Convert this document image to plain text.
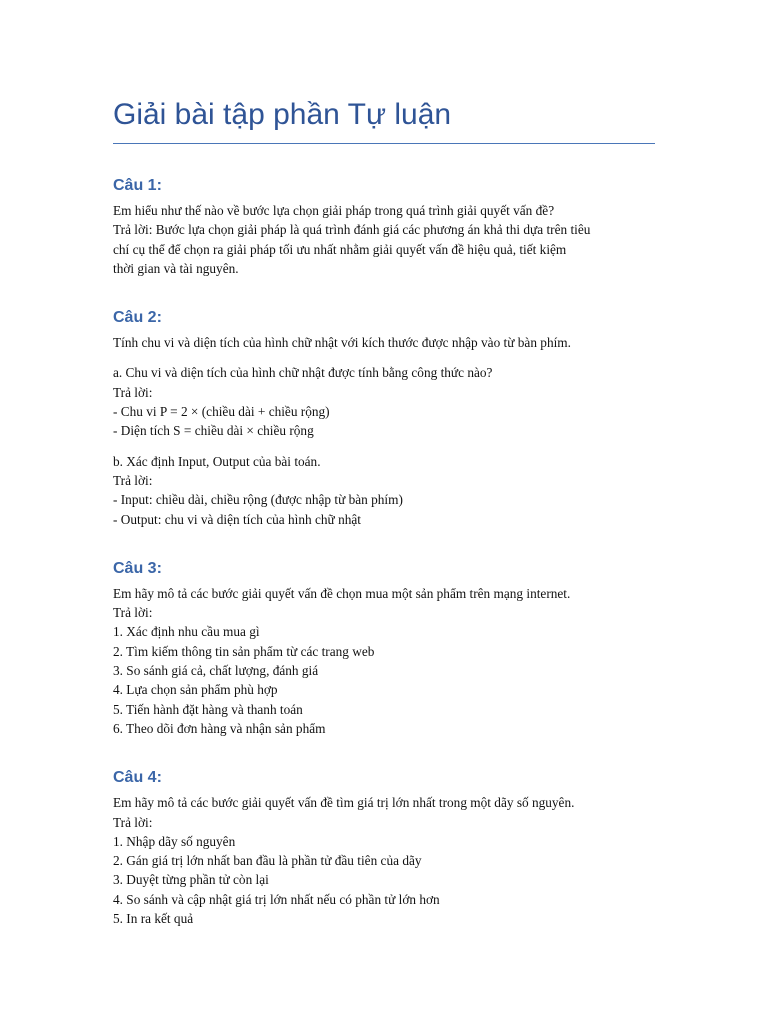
Giải bài tập phần Tự luận
Câu 1:

Em hiểu như thế nào về bước lựa chọn giải pháp trong quá trình giải quyết vấn đề?

Trả lời: Bước lựa chọn giải pháp là quá trình đánh giá các phương án khả thi dựa trên tiêu

chí cụ thể để chọn ra giải pháp tối ưu nhất nhằm giải quyết vấn đề hiệu quả, tiết kiệm

thời gian và tài nguyên.

Câu 2:

Tính chu vi và diện tích của hình chữ nhật với kích thước được nhập vào từ bàn phím.

a. Chu vi và diện tích của hình chữ nhật được tính bằng công thức nào?

Trả lời:

- Chu vi P = 2 × (chiều dài + chiều rộng)

- Diện tích S = chiều dài × chiều rộng

b. Xác định Input, Output của bài toán.

Trả lời:

- Input: chiều dài, chiều rộng (được nhập từ bàn phím)

- Output: chu vi và diện tích của hình chữ nhật

Câu 3:

Em hãy mô tả các bước giải quyết vấn đề chọn mua một sản phẩm trên mạng internet.

Trả lời:

1. Xác định nhu cầu mua gì

2. Tìm kiếm thông tin sản phẩm từ các trang web

3. So sánh giá cả, chất lượng, đánh giá

4. Lựa chọn sản phẩm phù hợp

5. Tiến hành đặt hàng và thanh toán

6. Theo dõi đơn hàng và nhận sản phẩm

Câu 4:

Em hãy mô tả các bước giải quyết vấn đề tìm giá trị lớn nhất trong một dãy số nguyên.

Trả lời:

1. Nhập dãy số nguyên

2. Gán giá trị lớn nhất ban đầu là phần tử đầu tiên của dãy

3. Duyệt từng phần tử còn lại

4. So sánh và cập nhật giá trị lớn nhất nếu có phần tử lớn hơn

5. In ra kết quả
